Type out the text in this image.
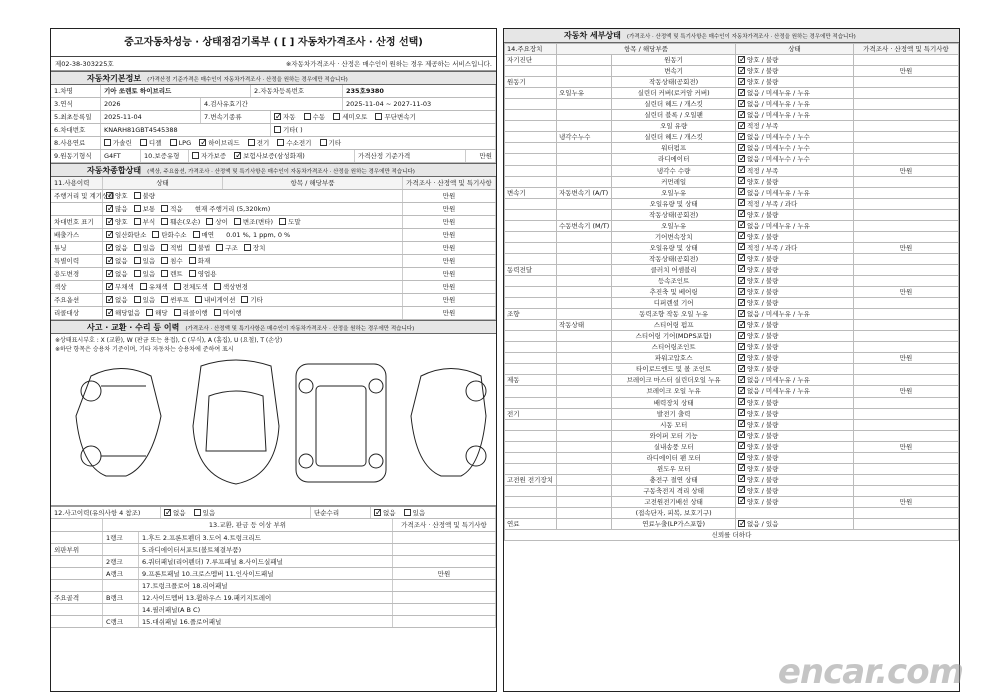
중고자동차성능 · 상태점검기록부 ( [ ] 자동차가격조사 · 산정 선택)
제02-38-303225호	※자동차가격조사 · 산정은 매수인이 원하는 경우 제공하는 서비스입니다.
자동차기본정보 (가격산정 기준가격은 매수인이 자동차가격조사 · 산정을 원하는 경우에만 적습니다)
1.차명	기아 쏘렌토 하이브리드	2.자동차등록번호	235호9380
3.연식	2026	4.검사유효기간	2025-11-04 ~ 2027-11-03
5.최초등록일	2025-11-04	7.변속기종류 ✓	자동	수동	세미오토	무단변속기
6.차대번호	KNARH81GBT4545388	기타( )
8.사용연료	가솔린	디젤	LPG ✓	하이브리드	전기	수소전기	기타
9.원동기형식	G4FT	10.보증유형	자가보증 ✓	보험사보증(삼성화재)	가격산정 기준가격	만원
자동차종합상태 (색상, 주요옵션, 가격조사 · 산정액 및 특기사항은 매수인이 자동차가격조사 · 산정을 원하는 경우에만 적습니다)
11.사용이력	상태	항목 / 해당부품	가격조사 · 산정액 및 특기사항
주행거리 및 계기상태 ✓ 양호 불량	만원
✓많음 보통 적음 현재 주행거리 (5,320km)	만원
차대번호 표기 ✓	양호 부식 훼손(오손) 상이 변조(변타) 도말	만원
배출가스 ✓	일산화탄소 탄화수소 매연 0.01 %, 1 ppm, 0 %	만원
튜닝 ✓	없음 있음 적법 불법 구조 장치	만원
특별이력 ✓	없음 있음 침수 화재	만원
용도변경 ✓	없음 있음 렌트 영업용	만원
색상 ✓	무채색 유채색 전체도색 색상변경	만원
주요옵션 ✓	없음 있음 썬루프 내비게이션 기타	만원
리콜대상 ✓	해당없음 해당 리콜이행 미이행	만원
사고 · 교환 · 수리 등 이력 (가격조사 · 산정액 및 특기사항은 매수인이 자동차가격조사 · 산정을 원하는 경우에만 적습니다)
※상태표시부호 : X (교환), W (판금 또는 용접), C (부식), A (흠집), U (요철), T (손상)
※하단 항목은 승용차 기준이며, 기타 자동차는 승용차에 준하여 표시
12.사고이력(유의사항 4 참조) ✓	없음	있음	단순수리 ✓	없음	있음
13.교환, 판금 등 이상 부위	가격조사 · 산정액 및 특기사항
1랭크	1.후드 2.프론트펜더 3.도어 4.트렁크리드
외판부위	5.라디에이터서포트(볼트체결부품)
2랭크	6.쿼터패널(리어펜더) 7.루프패널 8.사이드실패널
A랭크	9.프론트패널 10.크로스멤버 11.인사이드패널	만원
17.트렁크플로어 18.리어패널
주요골격	B랭크	12.사이드멤버 13.휠하우스 19.패키지트레이
14.필러패널(A B C)
C랭크	15.대쉬패널 16.플로어패널
자동차 세부상태 (가격조사 · 산정액 및 특기사항은 매수인이 자동차가격조사 · 산정을 원하는 경우에만 적습니다)
14.주요장치	항목 / 해당부품		상태	가격조사 · 산정액 및 특기사항
자기진단		원동기	✓양호 / 불량	
		변속기	✓양호 / 불량	만원
원동기		작동상태(공회전)	✓양호 / 불량	
	오일누유	실린더 커버(로커암 커버)	✓없음 / 미세누유 / 누유	
		실린더 헤드 / 개스킷	✓없음 / 미세누유 / 누유	
		실린더 블록 / 오일팬	✓없음 / 미세누유 / 누유	
		오일 유량	✓적정 / 부족	
	냉각수누수	실린더 헤드 / 개스킷	✓없음 / 미세누수 / 누수	
		워터펌프	✓없음 / 미세누수 / 누수	
		라디에이터	✓없음 / 미세누수 / 누수	
		냉각수 수량	✓적정 / 부족	만원
		커먼레일	✓양호 / 불량	
변속기	자동변속기 (A/T)	오일누유	✓없음 / 미세누유 / 누유	
		오일유량 및 상태	✓적정 / 부족 / 과다	
		작동상태(공회전)	✓양호 / 불량	
	수동변속기 (M/T)	오일누유	✓없음 / 미세누유 / 누유	
		기어변속장치	✓양호 / 불량	
		오일유량 및 상태	✓적정 / 부족 / 과다	만원
		작동상태(공회전)	✓양호 / 불량	
동력전달		클러치 어셈블리	✓양호 / 불량	
		등속조인트	✓양호 / 불량	
		추진축 및 베어링	✓양호 / 불량	만원
		디퍼렌셜 기어	✓양호 / 불량	
조향		동력조향 작동 오일 누유	✓없음 / 미세누유 / 누유	
	작동상태	스티어링 펌프	✓양호 / 불량	
		스티어링 기어(MDPS포함)	✓양호 / 불량	
		스티어링조인트	✓양호 / 불량	
		파워고압호스	✓양호 / 불량	만원
		타이로드엔드 및 볼 조인트	✓양호 / 불량	
제동		브레이크 마스터 실린더오일 누유	✓없음 / 미세누유 / 누유	
		브레이크 오일 누유	✓없음 / 미세누유 / 누유	만원
		배력장치 상태	✓양호 / 불량	
전기		발전기 출력	✓양호 / 불량	
		시동 모터	✓양호 / 불량	
		와이퍼 모터 기능	✓양호 / 불량	
		실내송풍 모터	✓양호 / 불량	만원
		라디에이터 팬 모터	✓양호 / 불량	
		윈도우 모터	✓양호 / 불량	
고전원 전기장치		충전구 절연 상태	✓양호 / 불량	
		구동축전지 격리 상태	✓양호 / 불량	
		고전원전기배선 상태	✓양호 / 불량	만원
		(접속단자, 피복, 보호기구)		
연료		연료누출(LP가스포함)	✓없음 / 있음	
신뢰를 더하다				
encar.com
